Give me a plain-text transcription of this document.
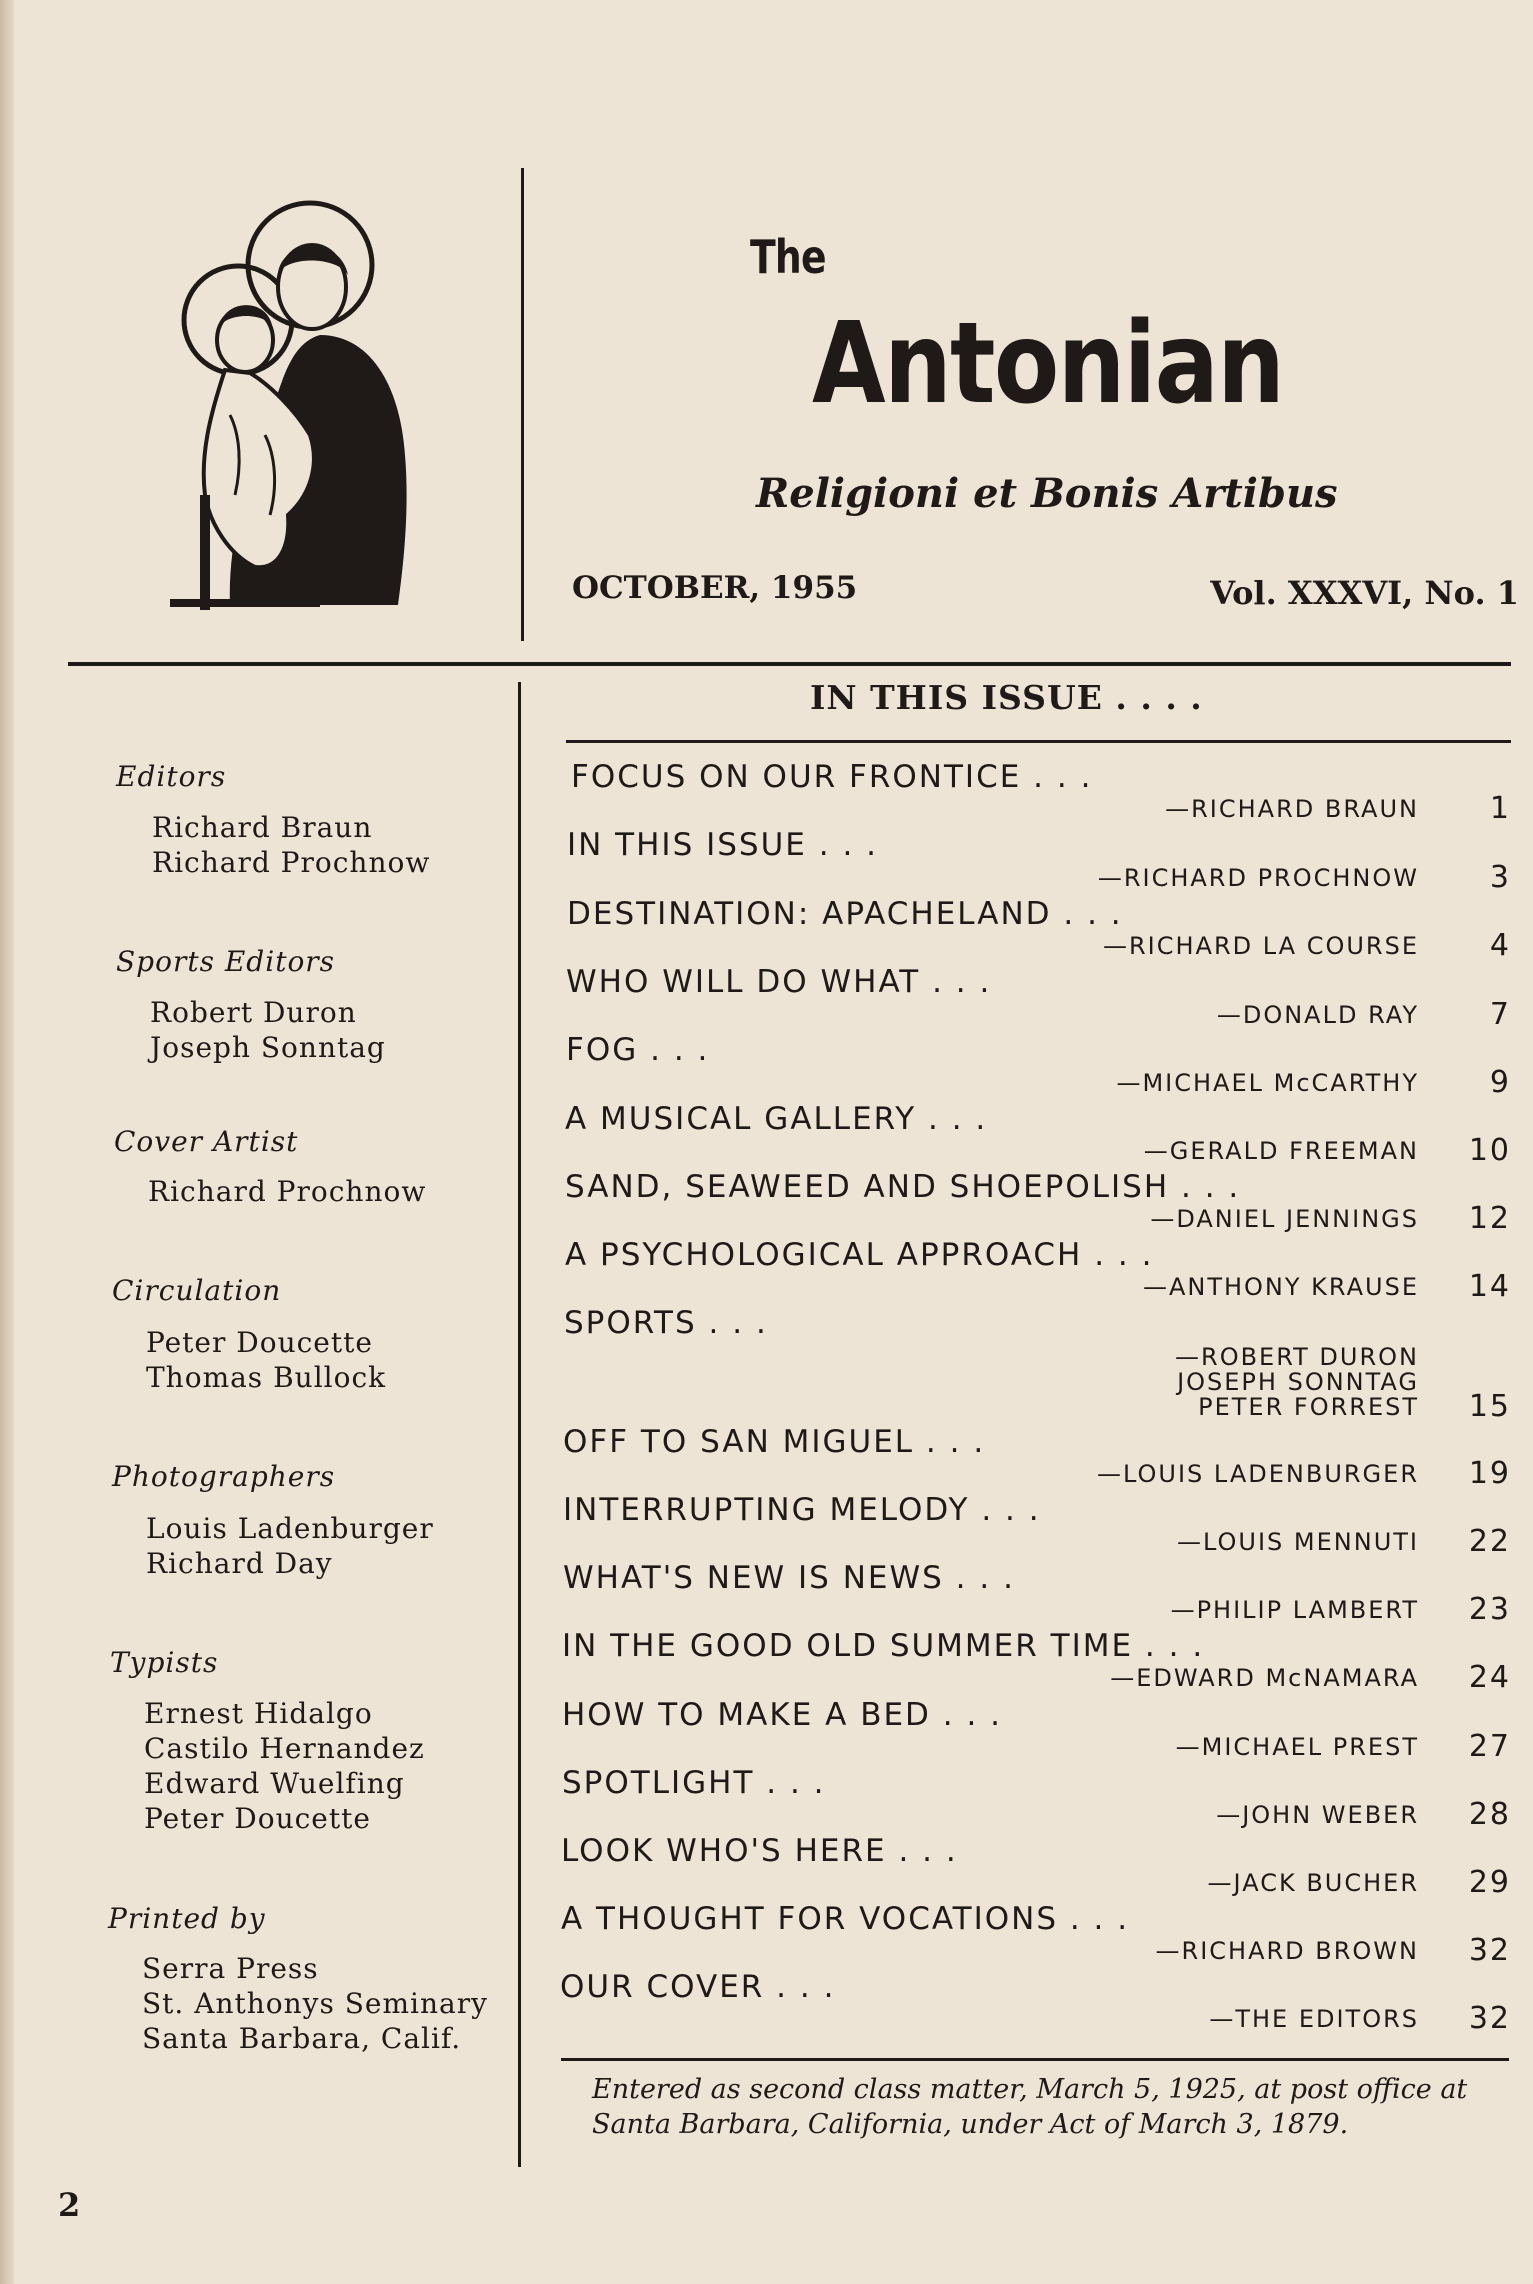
The
Antonian
Religioni et Bonis Artibus
OCTOBER, 1955	Vol. XXXVI, No. 1
IN THIS ISSUE . . . .
Editors
Richard Braun
Richard Prochnow
Sports Editors
Robert Duron
Joseph Sonntag
Cover Artist
Richard Prochnow
Circulation
Peter Doucette
Thomas Bullock
Photographers
Louis Ladenburger
Richard Day
Typists
Ernest Hidalgo
Castilo Hernandez
Edward Wuelfing
Peter Doucette
Printed by
Serra Press
St. Anthonys Seminary
Santa Barbara, Calif.
FOCUS ON OUR FRONTICE . . .
—RICHARD BRAUN 1
IN THIS ISSUE . . .
—RICHARD PROCHNOW 3
DESTINATION: APACHELAND . . .
—RICHARD LA COURSE 4
WHO WILL DO WHAT . . .
—DONALD RAY 7
FOG . . .
—MICHAEL McCARTHY 9
A MUSICAL GALLERY . . .
—GERALD FREEMAN 10
SAND, SEAWEED AND SHOEPOLISH . . .
—DANIEL JENNINGS 12
A PSYCHOLOGICAL APPROACH . . .
—ANTHONY KRAUSE 14
SPORTS . . .
—ROBERT DURON
JOSEPH SONNTAG
PETER FORREST 15
OFF TO SAN MIGUEL . . .
—LOUIS LADENBURGER 19
INTERRUPTING MELODY . . .
—LOUIS MENNUTI 22
WHAT'S NEW IS NEWS . . .
—PHILIP LAMBERT 23
IN THE GOOD OLD SUMMER TIME . . .
—EDWARD McNAMARA 24
HOW TO MAKE A BED . . .
—MICHAEL PREST 27
SPOTLIGHT . . .
—JOHN WEBER 28
LOOK WHO'S HERE . . .
—JACK BUCHER 29
A THOUGHT FOR VOCATIONS . . .
—RICHARD BROWN 32
OUR COVER . . .
—THE EDITORS 32
Entered as second class matter, March 5, 1925, at post office at Santa Barbara, California, under Act of March 3, 1879.
2
